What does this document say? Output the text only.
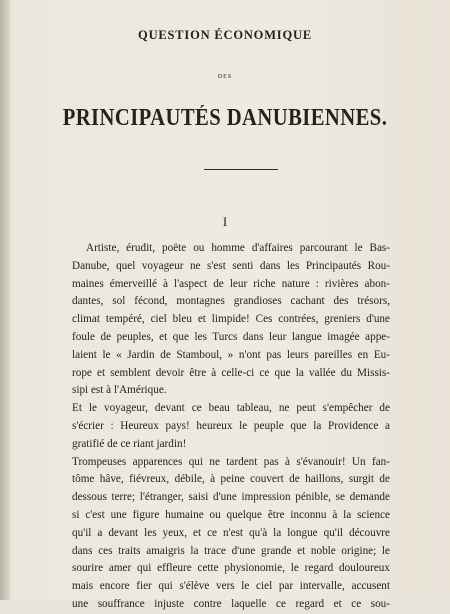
QUESTION ÉCONOMIQUE
DES
PRINCIPAUTÉS DANUBIENNES.
I
Artiste, érudit, poëte ou homme d'affaires parcourant le Bas-
Danube, quel voyageur ne s'est senti dans les Principautés Rou-
maines émerveillé à l'aspect de leur riche nature : rivières abon-
dantes, sol fécond, montagnes grandioses cachant des trésors,
climat tempéré, ciel bleu et limpide! Ces contrées, greniers d'une
foule de peuples, et que les Turcs dans leur langue imagée appe-
laient le « Jardin de Stamboul, » n'ont pas leurs pareilles en Eu-
rope et semblent devoir être à celle-ci ce que la vallée du Missis-
sipi est à l'Amérique.
Et le voyageur, devant ce beau tableau, ne peut s'empêcher de
s'écrier : Heureux pays! heureux le peuple que la Providence a
gratifié de ce riant jardin!
Trompeuses apparences qui ne tardent pas à s'évanouir! Un fan-
tôme hâve, fiévreux, débile, à peine couvert de haillons, surgit de
dessous terre; l'étranger, saisi d'une impression pénible, se demande
si c'est une figure humaine ou quelque être inconnu à la science
qu'il a devant les yeux, et ce n'est qu'à la longue qu'il découvre
dans ces traits amaigris la trace d'une grande et noble origine; le
sourire amer qui effleure cette physionomie, le regard douloureux
mais encore fier qui s'élève vers le ciel par intervalle, accusent
une souffrance injuste contre laquelle ce regard et ce sou-
